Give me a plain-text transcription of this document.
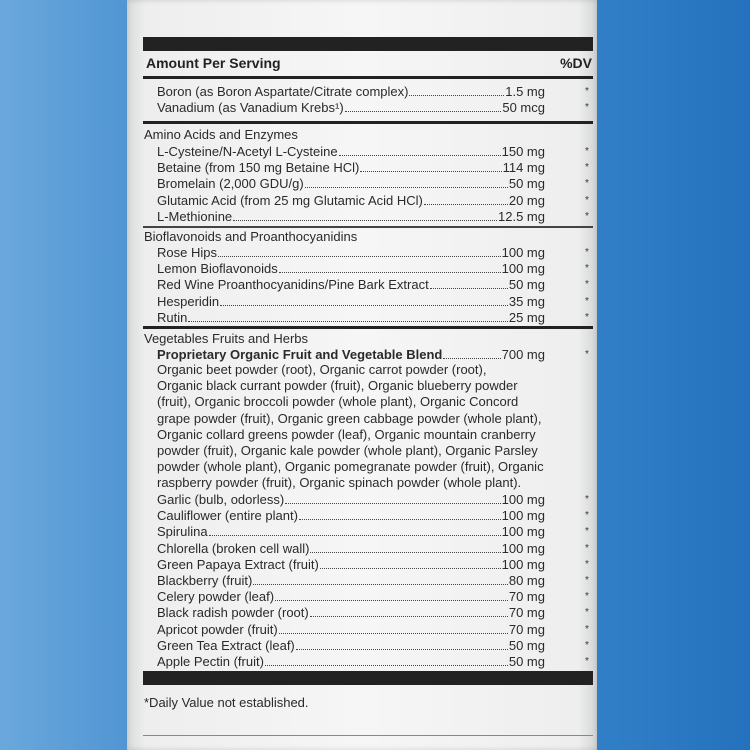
Amount Per Serving	%DV
Boron (as Boron Aspartate/Citrate complex)	1.5 mg	*
Vanadium (as Vanadium Krebs¹)	50 mcg	*
Amino Acids and Enzymes
L-Cysteine/N-Acetyl L-Cysteine	150 mg	*
Betaine (from 150 mg Betaine HCl)	114 mg	*
Bromelain (2,000 GDU/g)	50 mg	*
Glutamic Acid (from 25 mg Glutamic Acid HCl)	20 mg	*
L-Methionine	12.5 mg	*
Bioflavonoids and Proanthocyanidins
Rose Hips	100 mg	*
Lemon Bioflavonoids	100 mg	*
Red Wine Proanthocyanidins/Pine Bark Extract	50 mg	*
Hesperidin	35 mg	*
Rutin	25 mg	*
Vegetables Fruits and Herbs
Proprietary Organic Fruit and Vegetable Blend	700 mg	*
Organic beet powder (root), Organic carrot powder (root),
Organic black currant powder (fruit), Organic blueberry powder
(fruit), Organic broccoli powder (whole plant), Organic Concord
grape powder (fruit), Organic green cabbage powder (whole plant),
Organic collard greens powder (leaf), Organic mountain cranberry
powder (fruit), Organic kale powder (whole plant), Organic Parsley
powder (whole plant), Organic pomegranate powder (fruit), Organic
raspberry powder (fruit), Organic spinach powder (whole plant).
Garlic (bulb, odorless)	100 mg	*
Cauliflower (entire plant)	100 mg	*
Spirulina	100 mg	*
Chlorella (broken cell wall)	100 mg	*
Green Papaya Extract (fruit)	100 mg	*
Blackberry (fruit)	80 mg	*
Celery powder (leaf)	70 mg	*
Black radish powder (root)	70 mg	*
Apricot powder (fruit)	70 mg	*
Green Tea Extract (leaf)	50 mg	*
Apple Pectin (fruit)	50 mg	*
*Daily Value not established.
